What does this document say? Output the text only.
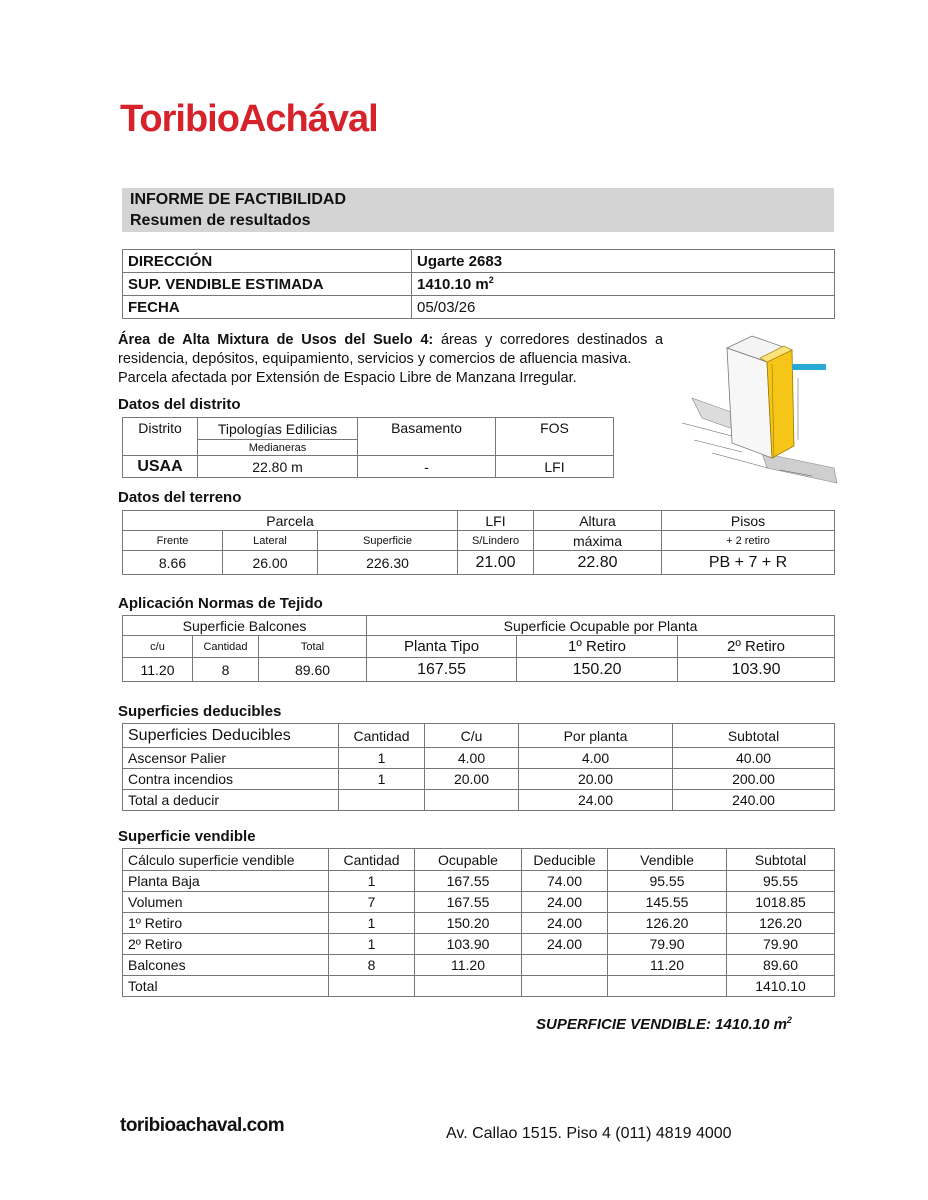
ToribioAchával
INFORME DE FACTIBILIDAD
Resumen de resultados
DIRECCIÓN	Ugarte 2683
SUP. VENDIBLE ESTIMADA	1410.10 $m^2$
FECHA	05/03/26
Área de Alta Mixtura de Usos del Suelo 4: áreas y corredores destinados a
residencia, depósitos, equipamiento, servicios y comercios de afluencia masiva.
Parcela afectada por Extensión de Espacio Libre de Manzana Irregular.
Datos del distrito
Distrito	Tipologías Edilicias	Basamento	FOS
	Medianeras		
USAA	22.80 m	-	LFI
Datos del terreno
Parcela			LFI	Altura	Pisos
Frente	Lateral	Superficie	S/Lindero	máxima	+ 2 retiro
8.66	26.00	226.30	21.00	22.80	PB + 7 + R
Aplicación Normas de Tejido
Superficie Balcones			Superficie Ocupable por Planta		
c/u	Cantidad	Total	Planta Tipo	1º Retiro	2º Retiro
11.20	8	89.60	167.55	150.20	103.90
Superficies deducibles
Superficies Deducibles	Cantidad	C/u	Por planta	Subtotal
Ascensor Palier	1	4.00	4.00	40.00
Contra incendios	1	20.00	20.00	200.00
Total a deducir			24.00	240.00
Superficie vendible
Cálculo superficie vendible	Cantidad	Ocupable	Deducible	Vendible	Subtotal
Planta Baja	1	167.55	74.00	95.55	95.55
Volumen	7	167.55	24.00	145.55	1018.85
1º Retiro	1	150.20	24.00	126.20	126.20
2º Retiro	1	103.90	24.00	79.90	79.90
Balcones	8	11.20		11.20	89.60
Total					1410.10
SUPERFICIE VENDIBLE: 1410.10 $m^2$
toribioachaval.com	Av. Callao 1515. Piso 4 (011) 4819 4000
